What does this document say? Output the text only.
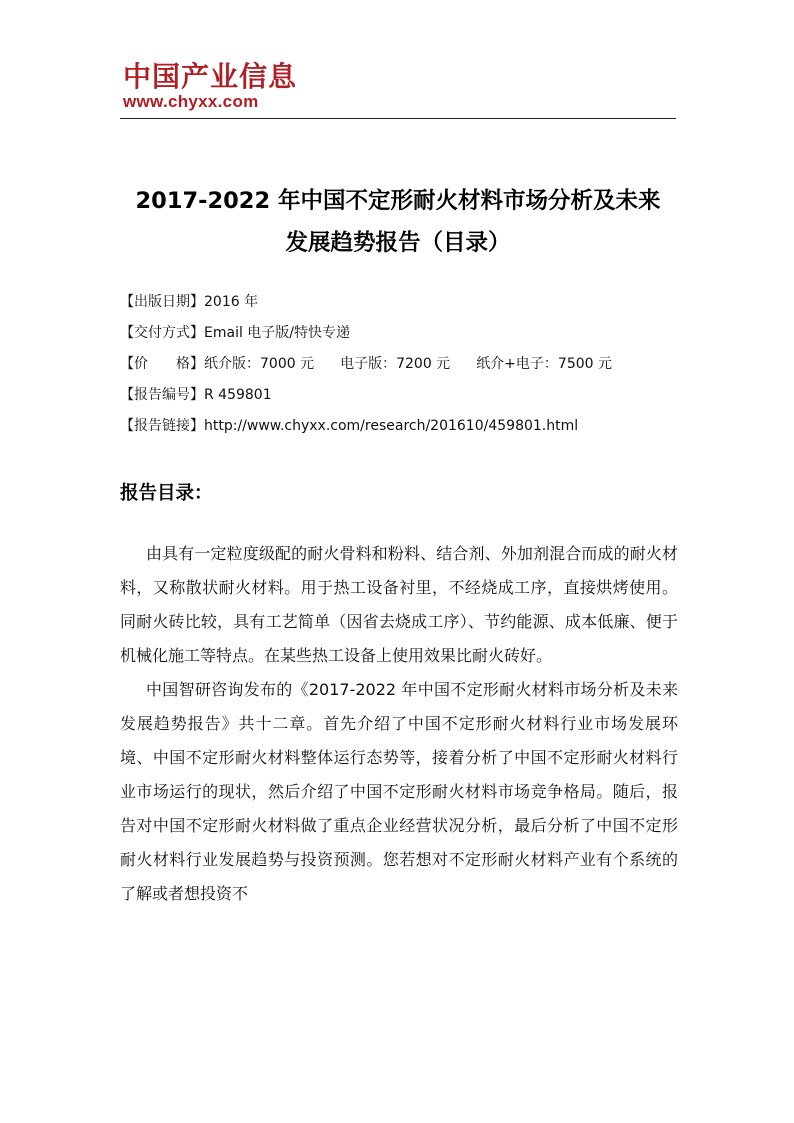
中国产业信息
www.chyxx.com
2017-2022 年中国不定形耐火材料市场分析及未来
发展趋势报告（目录）
【出版日期】2016 年
【交付方式】Email 电子版/特快专递
【价　　格】纸介版：7000 元 电子版：7200 元 纸介+电子：7500 元
【报告编号】R 459801
【报告链接】http://www.chyxx.com/research/201610/459801.html
报告目录：

由具有一定粒度级配的耐火骨料和粉料、结合剂、外加剂混合而成的耐火材料，又称散状耐火材料。用于热工设备衬里，不经烧成工序，直接烘烤使用。同耐火砖比较，具有工艺简单（因省去烧成工序）、节约能源、成本低廉、便于机械化施工等特点。在某些热工设备上使用效果比耐火砖好。

中国智研咨询发布的《2017-2022 年中国不定形耐火材料市场分析及未来发展趋势报告》共十二章。首先介绍了中国不定形耐火材料行业市场发展环境、中国不定形耐火材料整体运行态势等，接着分析了中国不定形耐火材料行业市场运行的现状，然后介绍了中国不定形耐火材料市场竞争格局。随后，报告对中国不定形耐火材料做了重点企业经营状况分析，最后分析了中国不定形耐火材料行业发展趋势与投资预测。您若想对不定形耐火材料产业有个系统的了解或者想投资不
